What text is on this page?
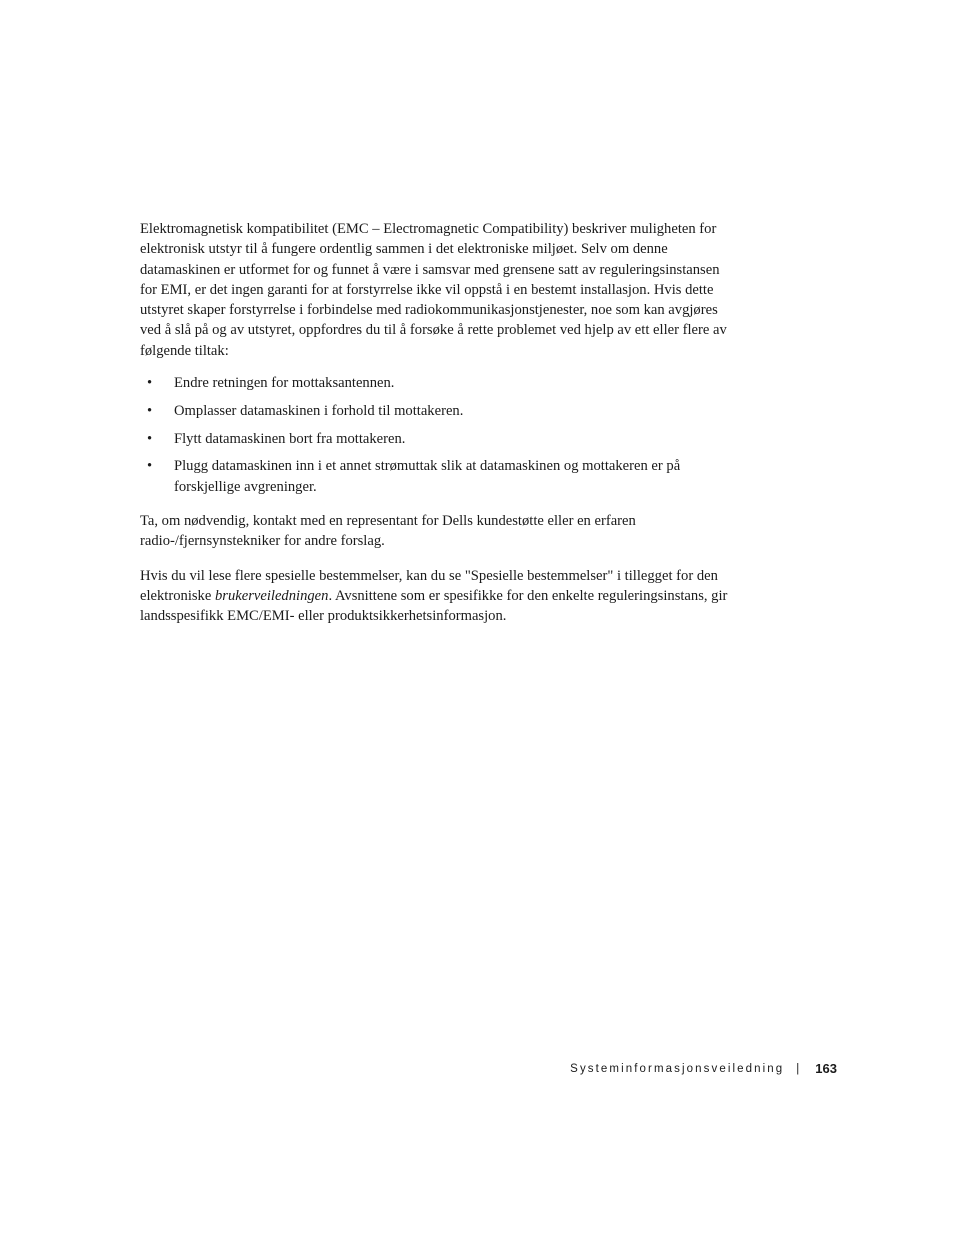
Elektromagnetisk kompatibilitet (EMC – Electromagnetic Compatibility) beskriver muligheten for elektronisk utstyr til å fungere ordentlig sammen i det elektroniske miljøet. Selv om denne datamaskinen er utformet for og funnet å være i samsvar med grensene satt av reguleringsinstansen for EMI, er det ingen garanti for at forstyrrelse ikke vil oppstå i en bestemt installasjon. Hvis dette utstyret skaper forstyrrelse i forbindelse med radiokommunikasjonstjenester, noe som kan avgjøres ved å slå på og av utstyret, oppfordres du til å forsøke å rette problemet ved hjelp av ett eller flere av følgende tiltak:

• Endre retningen for mottaksantennen.
• Omplasser datamaskinen i forhold til mottakeren.
• Flytt datamaskinen bort fra mottakeren.
• Plugg datamaskinen inn i et annet strømuttak slik at datamaskinen og mottakeren er på forskjellige avgreninger.

Ta, om nødvendig, kontakt med en representant for Dells kundestøtte eller en erfaren radio-/fjernsynstekniker for andre forslag.

Hvis du vil lese flere spesielle bestemmelser, kan du se "Spesielle bestemmelser" i tillegget for den elektroniske brukerveiledningen. Avsnittene som er spesifikke for den enkelte reguleringsinstans, gir landsspesifikk EMC/EMI- eller produktsikkerhetsinformasjon.

Systeminformasjonsveiledning | 163
